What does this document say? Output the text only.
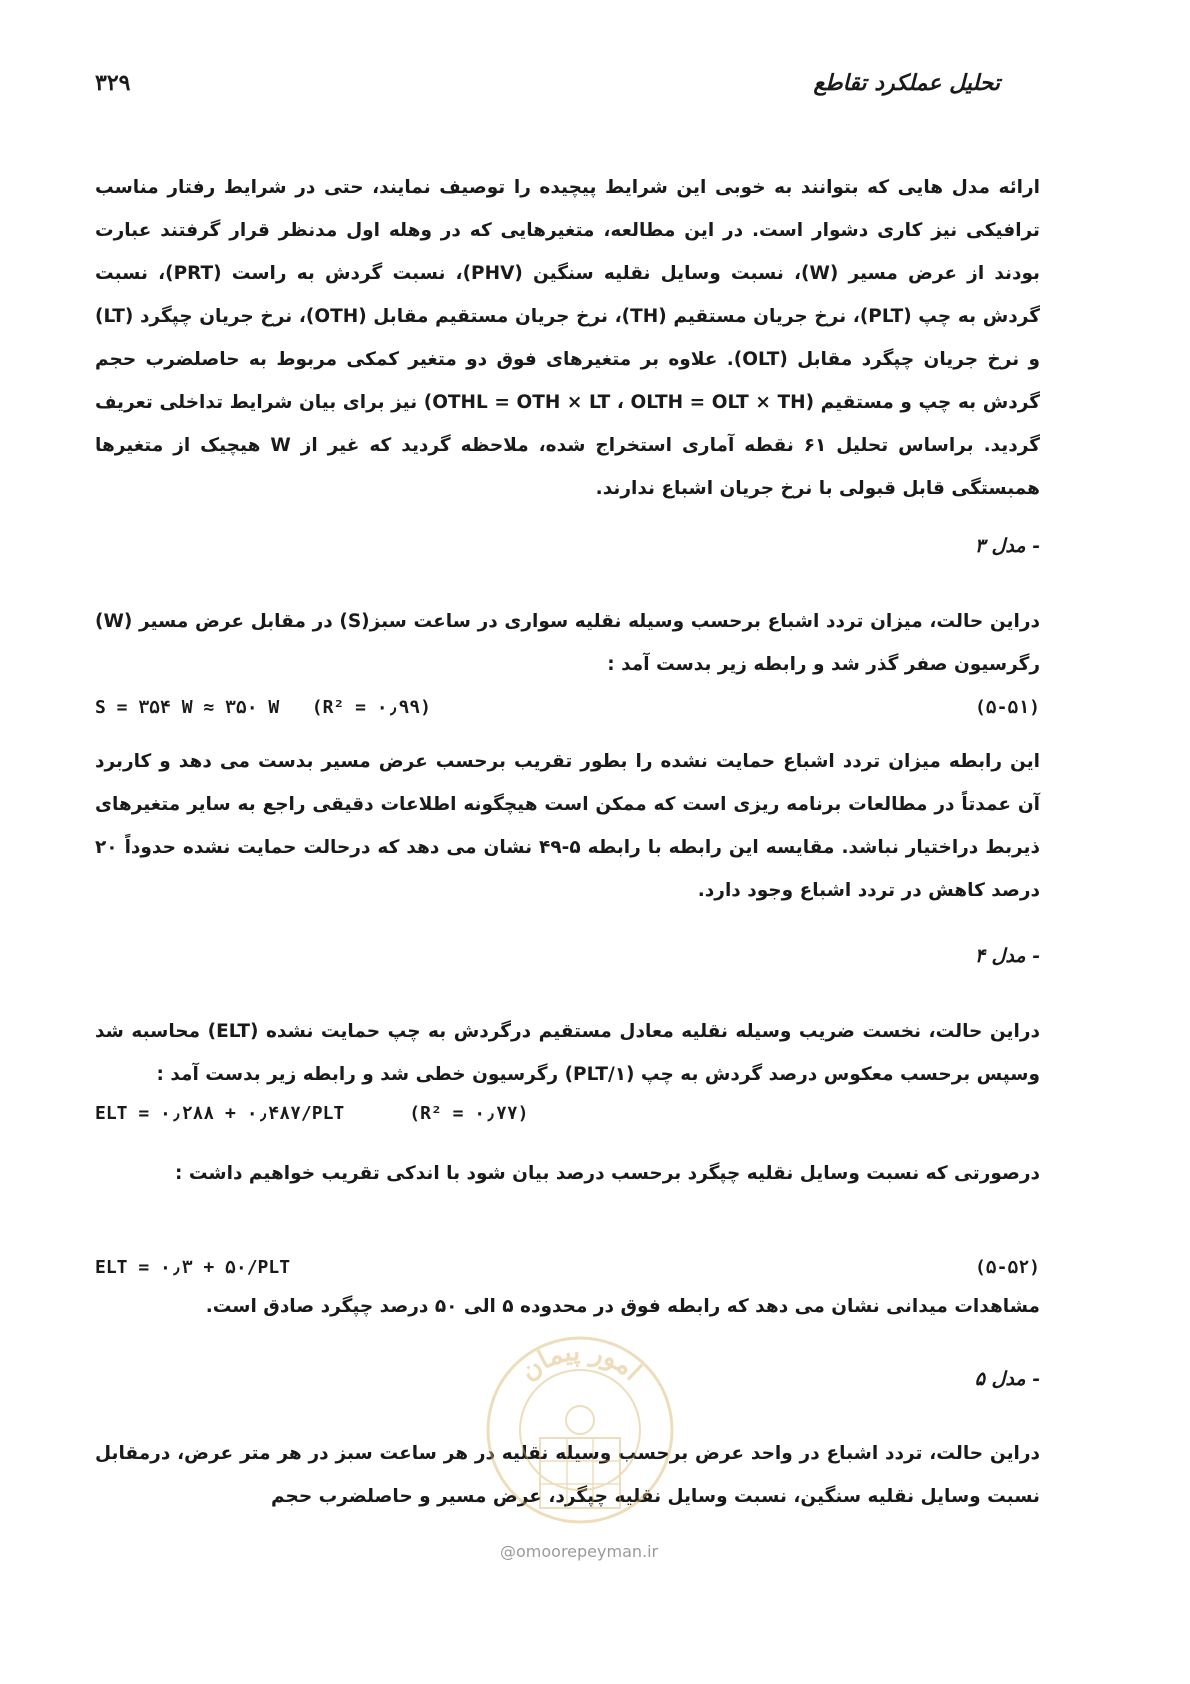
تحلیل عملکرد تقاطع
۳۲۹
ارائه مدل هایی که بتوانند به خوبی این شرایط پیچیده را توصیف نمایند، حتی در شرایط رفتار مناسب ترافیکی نیز کاری دشوار است. در این مطالعه، متغیرهایی که در وهله اول مدنظر قرار گرفتند عبارت بودند از عرض مسیر (W)، نسبت وسایل نقلیه سنگین (PHV)، نسبت گردش به راست (PRT)، نسبت گردش به چپ (PLT)، نرخ جریان مستقیم (TH)، نرخ جریان مستقیم مقابل (OTH)، نرخ جریان چپگرد (LT) و نرخ جریان چپگرد مقابل (OLT). علاوه بر متغیرهای فوق دو متغیر کمکی مربوط به حاصلضرب حجم گردش به چپ و مستقیم (OTHL = OTH × LT ، OLTH = OLT × TH) نیز برای بیان شرایط تداخلی تعریف گردید. براساس تحلیل ۶۱ نقطه آماری استخراج شده، ملاحظه گردید که غیر از W هیچیک از متغیرها همبستگی قابل قبولی با نرخ جریان اشباع ندارند.
- مدل ۳
دراین حالت، میزان تردد اشباع برحسب وسیله نقلیه سواری در ساعت سبز(S) در مقابل عرض مسیر (W) رگرسیون صفر گذر شد و رابطه زیر بدست آمد :
S = ۳۵۴ W ≈ ۳۵۰ W   (R² = ۰٫۹۹)	(۵-۵۱)
این رابطه میزان تردد اشباع حمایت نشده را بطور تقریب برحسب عرض مسیر بدست می دهد و کاربرد آن عمدتاً در مطالعات برنامه ریزی است که ممکن است هیچگونه اطلاعات دقیقی راجع به سایر متغیرهای ذیربط دراختیار نباشد. مقایسه این رابطه با رابطه ۵-۴۹ نشان می دهد که درحالت حمایت نشده حدوداً ۲۰ درصد کاهش در تردد اشباع وجود دارد.
- مدل ۴
دراین حالت، نخست ضریب وسیله نقلیه معادل مستقیم درگردش به چپ حمایت نشده (ELT) محاسبه شد وسپس برحسب معکوس درصد گردش به چپ (۱/PLT) رگرسیون خطی شد و رابطه زیر بدست آمد :
ELT = ۰٫۲۸۸ + ۰٫۴۸۷/PLT      (R² = ۰٫۷۷)
درصورتی که نسبت وسایل نقلیه چپگرد برحسب درصد بیان شود با اندکی تقریب خواهیم داشت :
ELT = ۰٫۳ + ۵۰/PLT	(۵-۵۲)
مشاهدات میدانی نشان می دهد که رابطه فوق در محدوده ۵ الی ۵۰ درصد چپگرد صادق است.
- مدل ۵
دراین حالت، تردد اشباع در واحد عرض برحسب وسیله نقلیه در هر ساعت سبز در هر متر عرض، درمقابل نسبت وسایل نقلیه سنگین، نسبت وسایل نقلیه چپگرد، عرض مسیر و حاصلضرب حجم
امور پیمان
@omoorepeyman.ir
